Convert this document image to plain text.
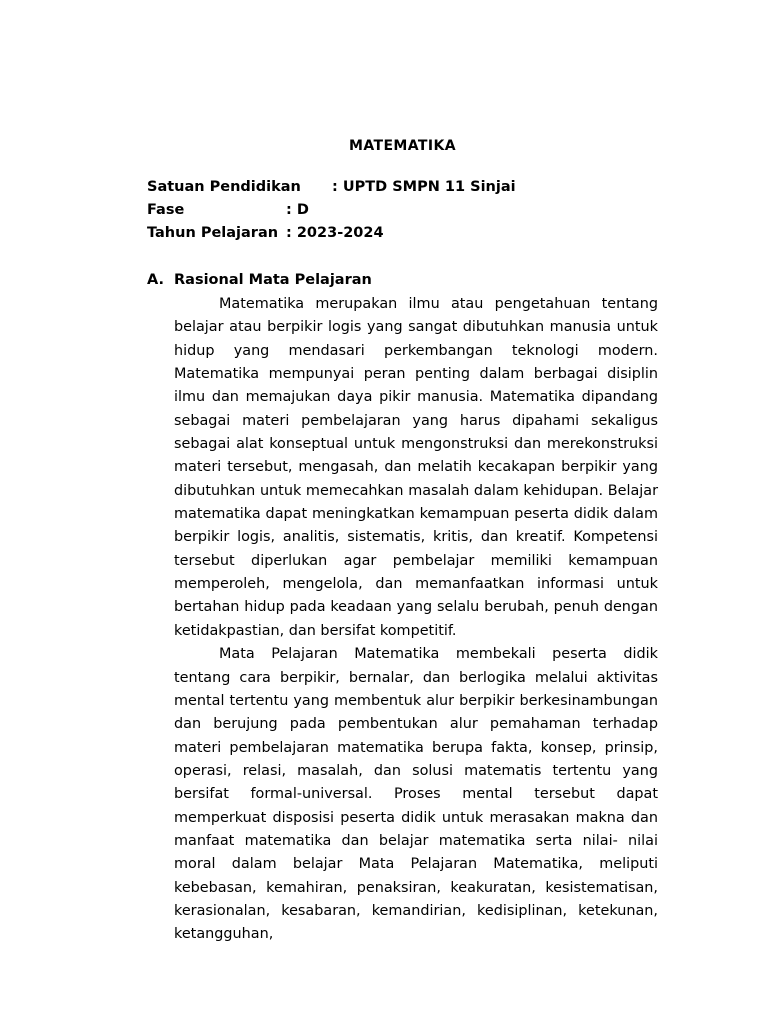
MATEMATIKA
Satuan Pendidikan : UPTD SMPN 11 Sinjai
Fase	: D
Tahun Pelajaran : 2023-2024
A. Rasional Mata Pelajaran

Matematika merupakan ilmu atau pengetahuan tentang belajar atau berpikir logis yang sangat dibutuhkan manusia untuk hidup yang mendasari perkembangan teknologi modern. Matematika mempunyai peran penting dalam berbagai disiplin ilmu dan memajukan daya pikir manusia. Matematika dipandang sebagai materi pembelajaran yang harus dipahami sekaligus sebagai alat konseptual untuk mengonstruksi dan merekonstruksi materi tersebut, mengasah, dan melatih kecakapan berpikir yang dibutuhkan untuk memecahkan masalah dalam kehidupan. Belajar matematika dapat meningkatkan kemampuan peserta didik dalam berpikir logis, analitis, sistematis, kritis, dan kreatif. Kompetensi tersebut diperlukan agar pembelajar memiliki kemampuan memperoleh, mengelola, dan memanfaatkan informasi untuk bertahan hidup pada keadaan yang selalu berubah, penuh dengan ketidakpastian, dan bersifat kompetitif.

Mata Pelajaran Matematika membekali peserta didik tentang cara berpikir, bernalar, dan berlogika melalui aktivitas mental tertentu yang membentuk alur berpikir berkesinambungan dan berujung pada pembentukan alur pemahaman terhadap materi pembelajaran matematika berupa fakta, konsep, prinsip, operasi, relasi, masalah, dan solusi matematis tertentu yang bersifat formal-universal. Proses mental tersebut dapat memperkuat disposisi peserta didik untuk merasakan makna dan manfaat matematika dan belajar matematika serta nilai- nilai moral dalam belajar Mata Pelajaran Matematika, meliputi kebebasan, kemahiran, penaksiran, keakuratan, kesistematisan, kerasionalan, kesabaran, kemandirian, kedisiplinan, ketekunan, ketangguhan,
